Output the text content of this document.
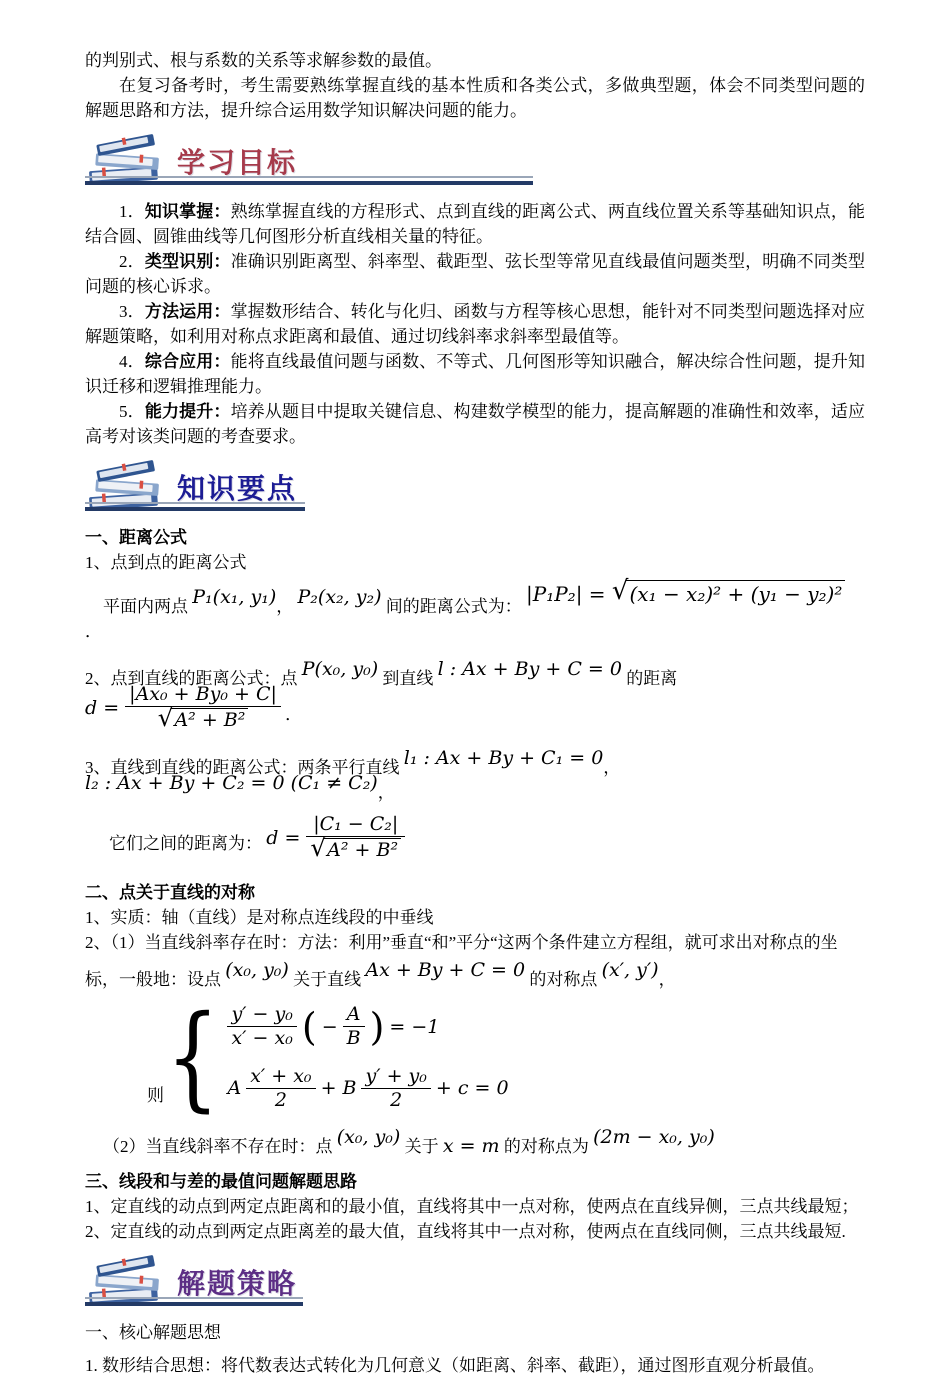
的判别式、根与系数的关系等求解参数的最值。

在复习备考时，考生需要熟练掌握直线的基本性质和各类公式，多做典型题，体会不同类型问题的解题思路和方法，提升综合运用数学知识解决问题的能力。

学习目标

1．知识掌握：熟练掌握直线的方程形式、点到直线的距离公式、两直线位置关系等基础知识点，能结合圆、圆锥曲线等几何图形分析直线相关量的特征。

2．类型识别：准确识别距离型、斜率型、截距型、弦长型等常见直线最值问题类型，明确不同类型问题的核心诉求。

3．方法运用：掌握数形结合、转化与化归、函数与方程等核心思想，能针对不同类型问题选择对应解题策略，如利用对称点求距离和最值、通过切线斜率求斜率型最值等。

4．综合应用：能将直线最值问题与函数、不等式、几何图形等知识融合，解决综合性问题，提升知识迁移和逻辑推理能力。

5．能力提升：培养从题目中提取关键信息、构建数学模型的能力，提高解题的准确性和效率，适应高考对该类问题的考查要求。

知识要点

一、距离公式

1、点到点的距离公式

平面内两点 P₁(x₁, y₁)， P₂(x₂, y₂) 间的距离公式为： |P₁P₂| = √ (x₁ − x₂)² + (y₁ − y₂)²
．
2、点到直线的距离公式：点 P(x₀, y₀) 到直线 l : Ax + By + C = 0 的距离 $d = \frac{\text{|Ax₀ + By₀ + C|}}{\text{√ A² + B²}}$ ．
3、直线到直线的距离公式：两条平行直线 l₁ : Ax + By + C₁ = 0， l₂ : Ax + By + C₂ = 0 (C₁ ≠ C₂)，
它们之间的距离为： $d = \frac{\text{|C₁ − C₂|}}{\text{√ A² + B²}}$

二、点关于直线的对称

1、实质：轴（直线）是对称点连线段的中垂线

2、（1）当直线斜率存在时：方法：利用”垂直“和”平分“这两个条件建立方程组，就可求出对称点的坐

标，一般地：设点 (x₀, y₀) 关于直线 Ax + By + C = 0 的对称点 (x′, y′)，
则 { $\frac{\text{y′ − y₀}}{\text{x′ − x₀}}$ ( − $\frac{A}{B}$ ) = −1
A $\frac{\text{x′ + x₀}}{2} + B \frac{\text{y′ + y₀}}{2} + c = 0$
（2）当直线斜率不存在时：点 (x₀, y₀) 关于 x = m 的对称点为 (2m − x₀, y₀)

三、线段和与差的最值问题解题思路

1、定直线的动点到两定点距离和的最小值，直线将其中一点对称，使两点在直线异侧，三点共线最短；

2、定直线的动点到两定点距离差的最大值，直线将其中一点对称，使两点在直线同侧，三点共线最短.

解题策略

一、核心解题思想

1. 数形结合思想：将代数表达式转化为几何意义（如距离、斜率、截距），通过图形直观分析最值。
